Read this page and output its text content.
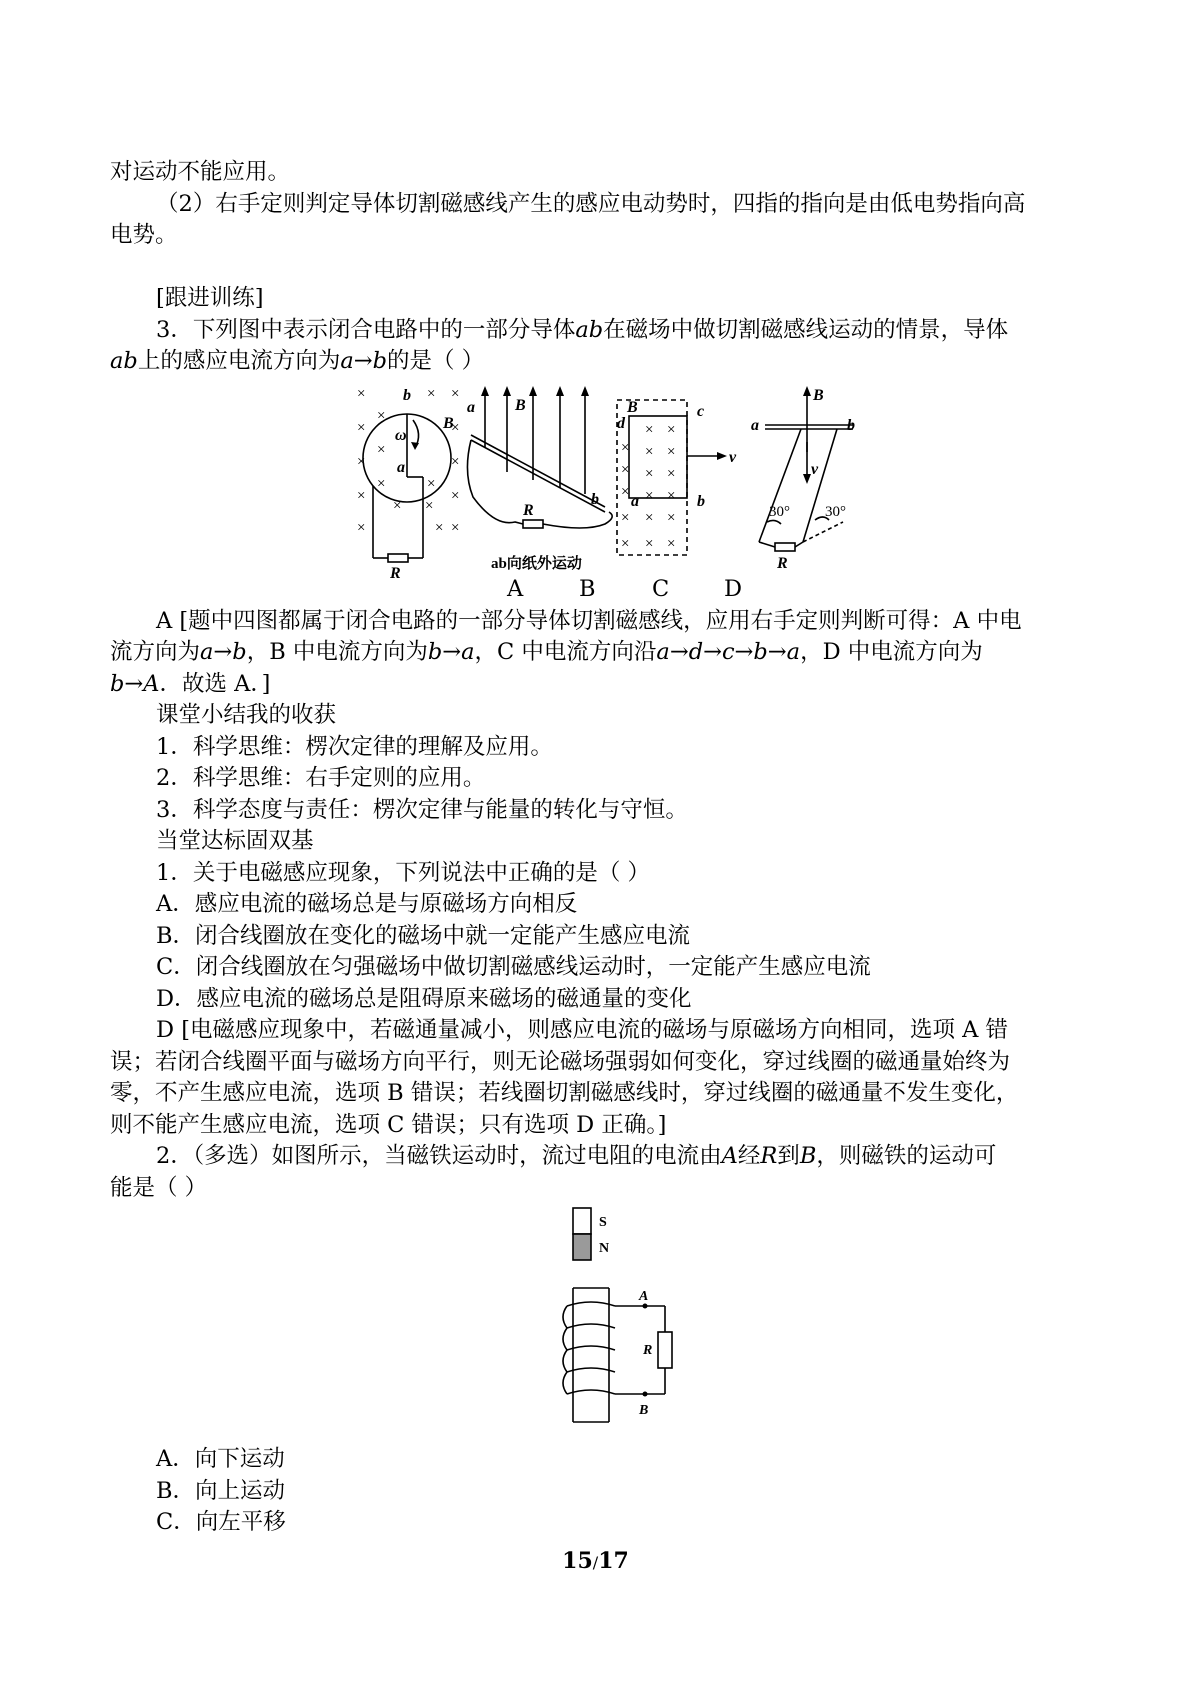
对运动不能应用。
（2）右手定则判定导体切割磁感线产生的感应电动势时，四指的指向是由低电势指向高
电势。
[跟进训练]
3．下列图中表示闭合电路中的一部分导体ab在磁场中做切割磁感线运动的情景，导体
ab上的感应电流方向为a→b的是（ ）
×	× ×
×	×
×	×
×	×
×	× ×
×
×
×	×
× ×
× ×
× × ×
× × ×
× × ×
× × ×
× × ×
b
B
ω
a
R
a	B
b
R
B
d
c
a	b
v
a
B
b
v
R
30° 30°
ab向纸外运动
A B	C D
A [题中四图都属于闭合电路的一部分导体切割磁感线，应用右手定则判断可得：A 中电
流方向为a→b，B 中电流方向为b→a，C 中电流方向沿a→d→c→b→a，D 中电流方向为
b→A．故选 A．]
课堂小结我的收获
1．科学思维：楞次定律的理解及应用。
2．科学思维：右手定则的应用。
3．科学态度与责任：楞次定律与能量的转化与守恒。
当堂达标固双基
1．关于电磁感应现象，下列说法中正确的是（ ）
A．感应电流的磁场总是与原磁场方向相反
B．闭合线圈放在变化的磁场中就一定能产生感应电流
C．闭合线圈放在匀强磁场中做切割磁感线运动时，一定能产生感应电流
D．感应电流的磁场总是阻碍原来磁场的磁通量的变化
D [电磁感应现象中，若磁通量减小，则感应电流的磁场与原磁场方向相同，选项 A 错
误；若闭合线圈平面与磁场方向平行，则无论磁场强弱如何变化，穿过线圈的磁通量始终为
零，不产生感应电流，选项 B 错误；若线圈切割磁感线时，穿过线圈的磁通量不发生变化，
则不能产生感应电流，选项 C 错误；只有选项 D 正确。]
2．（多选）如图所示，当磁铁运动时，流过电阻的电流由A经R到B，则磁铁的运动可
能是（ ）
S
N
A
B
R
A．向下运动
B．向上运动
C．向左平移
15/17
